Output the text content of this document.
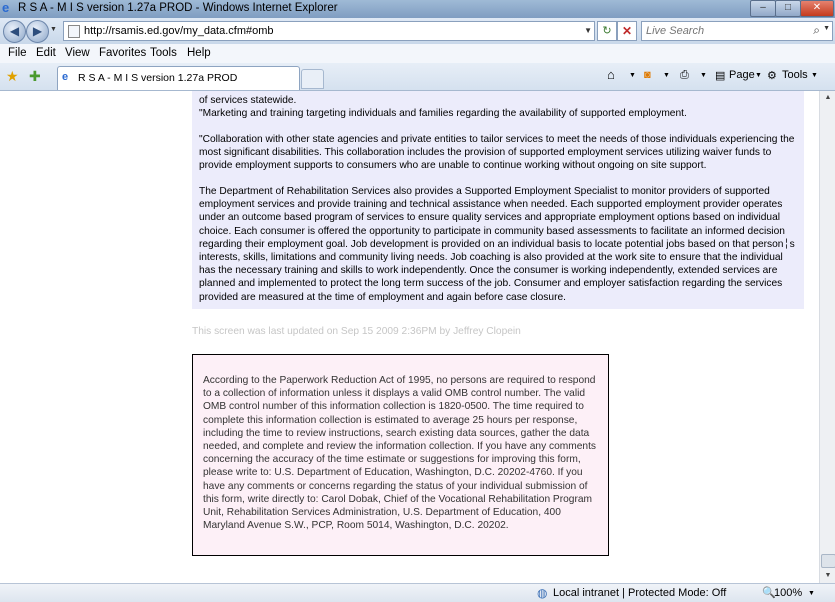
e R S A - M I S version 1.27a PROD - Windows Internet Explorer	–	□	✕
◀	▶	▼ http://rsamis.ed.gov/my_data.cfm#omb	▼ ↻ ✕
Live Search	⌕ ▼
File Edit View Favorites Tools Help
★ ✚ e R S A - M I S version 1.27a PROD	⌂ ▼ ◙ ▼ ⎙ ▼ ▤ Page ▼ ⚙ Tools ▼

of services statewide.

"Marketing and training targeting individuals and families regarding the availability of supported employment.

"Collaboration with other state agencies and private entities to tailor services to meet the needs of those individuals experiencing the most significant disabilities. This collaboration includes the provision of supported employment services utilizing waiver funds to provide employment supports to consumers who are unable to continue working without ongoing on site support.

The Department of Rehabilitation Services also provides a Supported Employment Specialist to monitor providers of supported employment services and provide training and technical assistance when needed. Each supported employment provider operates under an outcome based program of services to ensure quality services and appropriate employment options based on individual choice. Each consumer is offered the opportunity to participate in community based assessments to facilitate an informed decision regarding their employment goal. Job development is provided on an individual basis to locate potential jobs based on that person╎s interests, skills, limitations and community living needs. Job coaching is also provided at the work site to ensure that the individual has the necessary training and skills to work independently. Once the consumer is working independently, extended services are planned and implemented to protect the long term success of the job. Consumer and employer satisfaction regarding the services provided are measured at the time of employment and again before case closure.

This screen was last updated on Sep 15 2009 2:36PM by Jeffrey Clopein

According to the Paperwork Reduction Act of 1995, no persons are required to respond to a collection of information unless it displays a valid OMB control number. The valid OMB control number of this information collection is 1820-0500. The time required to complete this information collection is estimated to average 25 hours per response, including the time to review instructions, search existing data sources, gather the data needed, and complete and review the information collection. If you have any comments concerning the accuracy of the time estimate or suggestions for improving this form, please write to: U.S. Department of Education, Washington, D.C. 20202-4760. If you have any comments or concerns regarding the status of your individual submission of this form, write directly to: Carol Dobak, Chief of the Vocational Rehabilitation Program Unit, Rehabilitation Services Administration, U.S. Department of Education, 400 Maryland Avenue S.W., PCP, Room 5014, Washington, D.C. 20202.

▲
▼
◍ Local intranet | Protected Mode: Off	🔍
100% ▼
